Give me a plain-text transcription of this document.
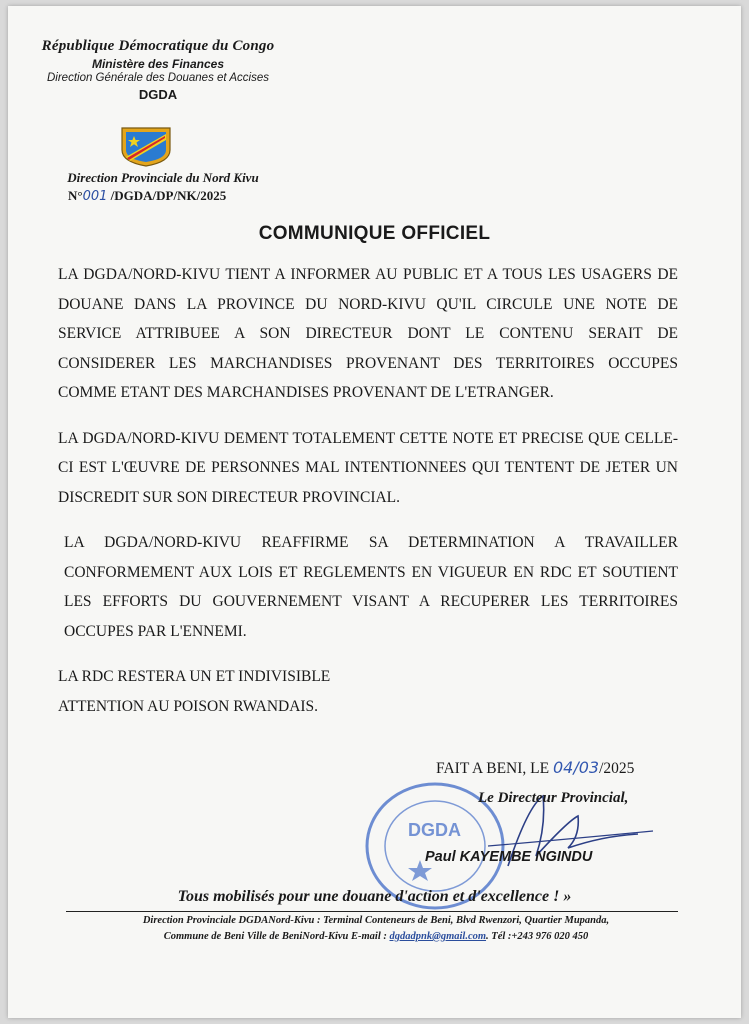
République Démocratique du Congo
Ministère des Finances
Direction Générale des Douanes et Accises
DGDA
Direction Provinciale du Nord Kivu
N°001 /DGDA/DP/NK/2025
COMMUNIQUE OFFICIEL

LA DGDA/NORD-KIVU TIENT A INFORMER AU PUBLIC ET A TOUS LES USAGERS DE DOUANE DANS LA PROVINCE DU NORD-KIVU QU'IL CIRCULE UNE NOTE DE SERVICE ATTRIBUEE A SON DIRECTEUR DONT LE CONTENU SERAIT DE CONSIDERER LES MARCHANDISES PROVENANT DES TERRITOIRES OCCUPES COMME ETANT DES MARCHANDISES PROVENANT DE L'ETRANGER.

LA DGDA/NORD-KIVU DEMENT TOTALEMENT CETTE NOTE ET PRECISE QUE CELLE-CI EST L'ŒUVRE DE PERSONNES MAL INTENTIONNEES QUI TENTENT DE JETER UN DISCREDIT SUR SON DIRECTEUR PROVINCIAL.

LA DGDA/NORD-KIVU REAFFIRME SA DETERMINATION A TRAVAILLER CONFORMEMENT AUX LOIS ET REGLEMENTS EN VIGUEUR EN RDC ET SOUTIENT LES EFFORTS DU GOUVERNEMENT VISANT A RECUPERER LES TERRITOIRES OCCUPES PAR L'ENNEMI.

LA RDC RESTERA UN ET INDIVISIBLE

ATTENTION AU POISON RWANDAIS.

FAIT A BENI, LE 04/03/2025
DGDA
Le Directeur Provincial,
Paul KAYEMBE NGINDU
Tous mobilisés pour une douane d'action et d'excellence ! »
Direction Provinciale DGDANord-Kivu : Terminal Conteneurs de Beni, Blvd Rwenzori, Quartier Mupanda,
Commune de Beni Ville de BeniNord-Kivu E-mail : dgdadpnk@gmail.com. Tél :+243 976 020 450
